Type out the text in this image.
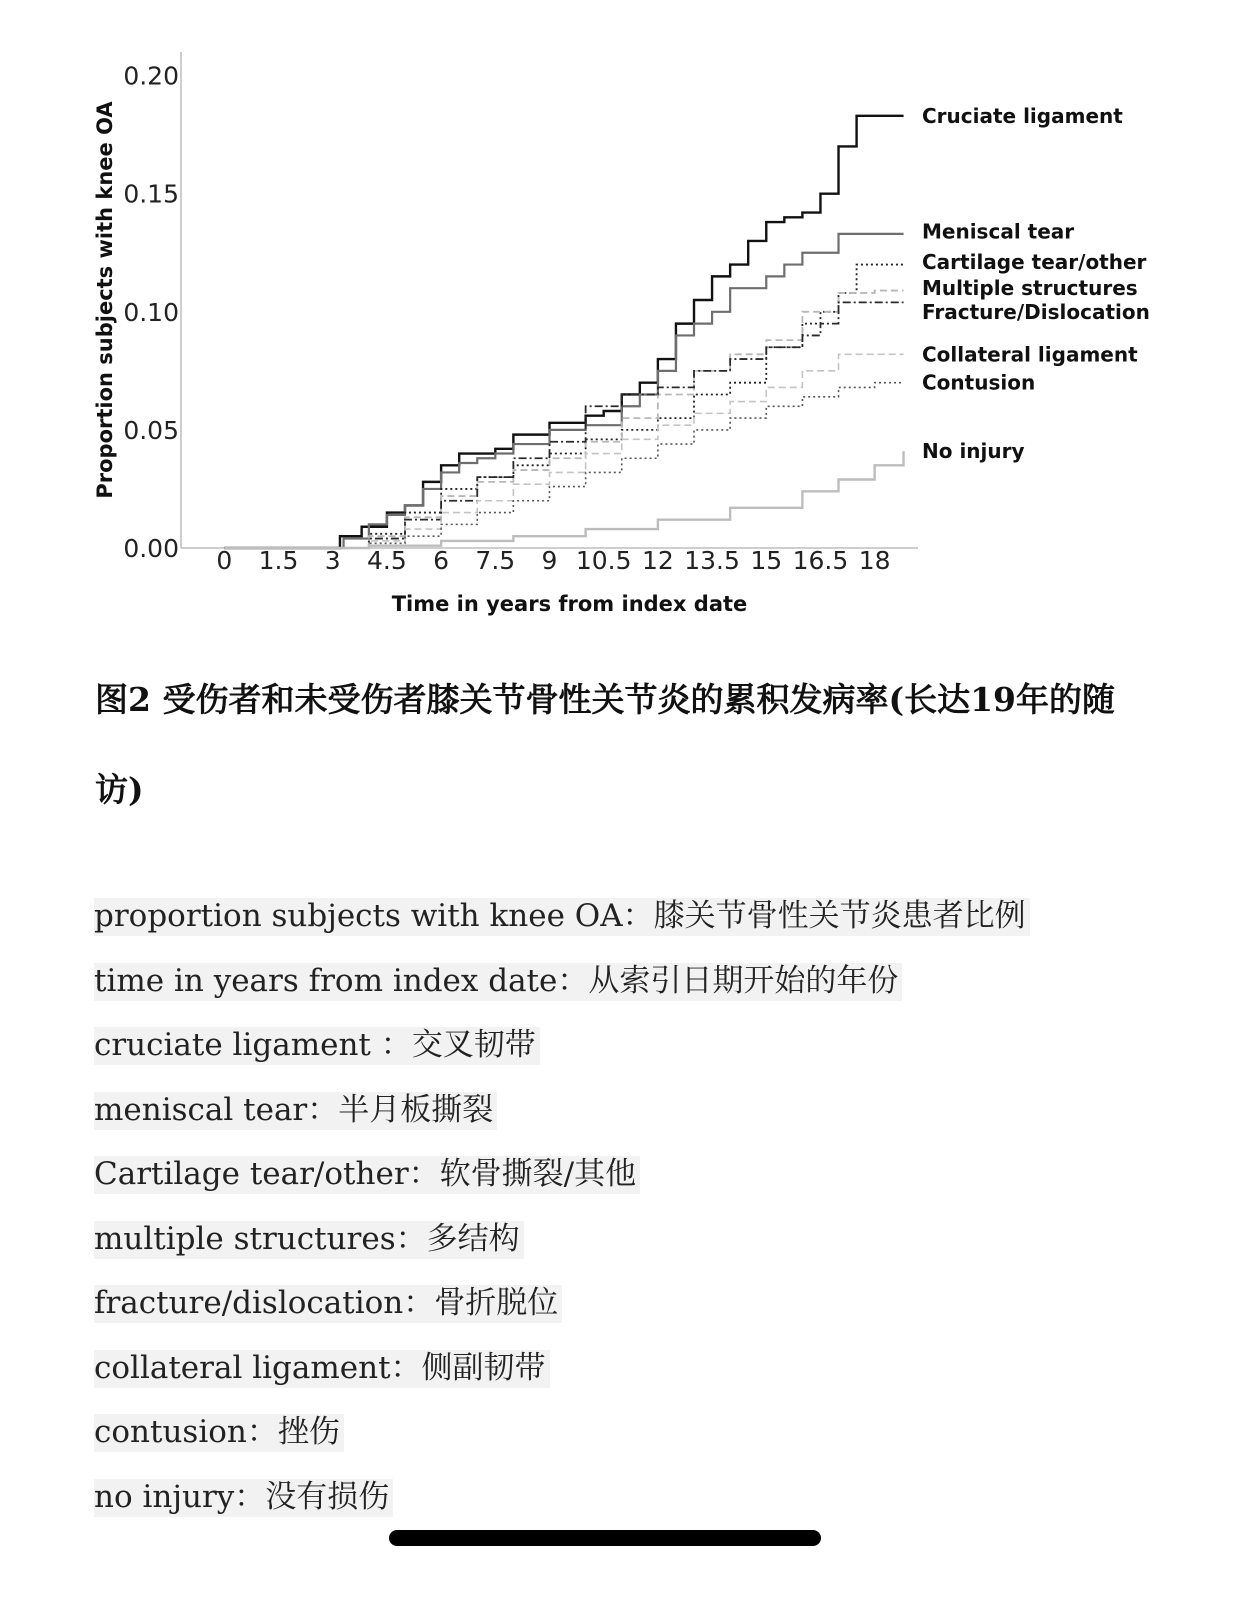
0.00
0.05
0.10
0.15
0.20
0 1.5 3 4.5 6 7.5 9 10.5 12 13.5 15 16.5 18
Time in years from index date
Proportion subjects with knee OA	Cruciate ligament
Meniscal tear
Cartilage tear/other
Multiple structures
Fracture/Dislocation
Collateral ligament
Contusion
No injury

图2 受伤者和未受伤者膝关节骨性关节炎的累积发病率(长达19年的随访)

proportion subjects with knee OA：膝关节骨性关节炎患者比例
time in years from index date：从索引日期开始的年份
cruciate ligament ：交叉韧带
meniscal tear：半月板撕裂
Cartilage tear/other：软骨撕裂/其他
multiple structures：多结构
fracture/dislocation：骨折脱位
collateral ligament：侧副韧带
contusion：挫伤
no injury：没有损伤
